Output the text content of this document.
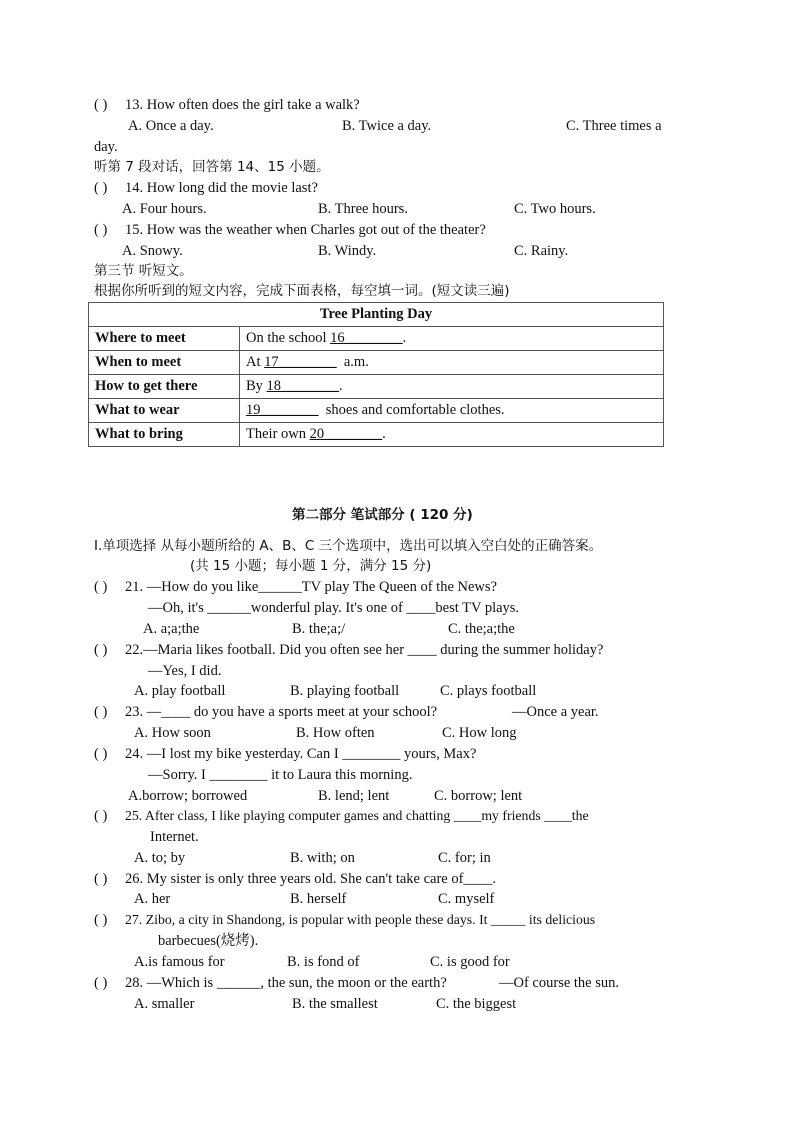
( ) 13. How often does the girl take a walk?
A. Once a day.	B. Twice a day.	C. Three times a
day.
听第 7 段对话，回答第 14、15 小题。
( ) 14. How long did the movie last?
A. Four hours.	B. Three hours.	C. Two hours.
( ) 15. How was the weather when Charles got out of the theater?
A. Snowy.	B. Windy.	C. Rainy.
第三节 听短文。
根据你所听到的短文内容，完成下面表格，每空填一词。(短文读三遍)
Tree Planting Day	
Where to meet	On the school 16________.
When to meet	At 17________  a.m.
How to get there	By 18________.
What to wear	19________  shoes and comfortable clothes.
What to bring	Their own 20________.
第二部分 笔试部分 ( 120 分)
I.单项选择 从每小题所给的 A、B、C 三个选项中，选出可以填入空白处的正确答案。
(共 15 小题；每小题 1 分，满分 15 分)
( ) 21. —How do you like______TV play The Queen of the News?
—Oh, it's ______wonderful play. It's one of ____best TV plays.
A. a;a;the	B. the;a;/	C. the;a;the
( ) 22.—Maria likes football. Did you often see her ____ during the summer holiday?
—Yes, I did.
A. play football	B. playing football	C. plays football
( ) 23. —____ do you have a sports meet at your school?	—Once a year.
A. How soon	B. How often	C. How long
( ) 24. —I lost my bike yesterday. Can I ________ yours, Max?
—Sorry. I ________ it to Laura this morning.
A.borrow; borrowed	B. lend; lent	C. borrow; lent
( ) 25. After class, I like playing computer games and chatting ____my friends ____the
Internet.
A. to; by	B. with; on	C. for; in
( ) 26. My sister is only three years old. She can't take care of____.
A. her	B. herself	C. myself
( ) 27. Zibo, a city in Shandong, is popular with people these days. It _____ its delicious
barbecues(烧烤).
A.is famous for	B. is fond of	C. is good for
( ) 28. —Which is ______, the sun, the moon or the earth?	—Of course the sun.
A. smaller	B. the smallest	C. the biggest
